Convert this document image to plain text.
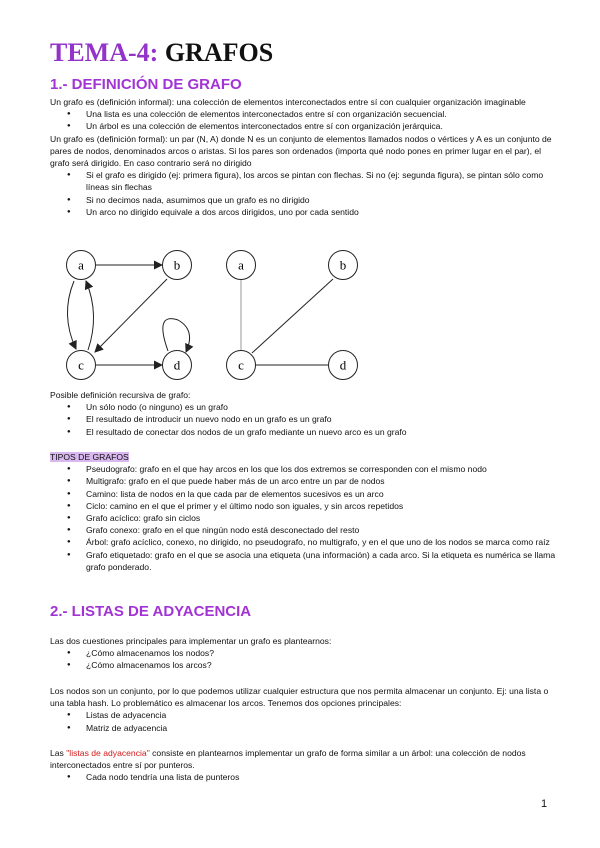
TEMA-4: GRAFOS
1.- DEFINICIÓN DE GRAFO

Un grafo es (definición informal): una colección de elementos interconectados entre sí con cualquier organización imaginable

● Una lista es una colección de elementos interconectados entre sí con organización secuencial.
● Un árbol es una colección de elementos interconectados entre sí con organización jerárquica.

Un grafo es (definición formal): un par (N, A) donde N es un conjunto de elementos llamados nodos o vértices y A es un conjunto de pares de nodos, denominados arcos o aristas. Si los pares son ordenados (importa qué nodo pones en primer lugar en el par), el grafo será dirigido. En caso contrario será no dirigido

● Si el grafo es dirigido (ej: primera figura), los arcos se pintan con flechas. Si no (ej: segunda figura), se pintan sólo como líneas sin flechas
● Si no decimos nada, asumimos que un grafo es no dirigido
● Un arco no dirigido equivale a dos arcos dirigidos, uno por cada sentido
a	b
c	d
a	b
c	d

Posible definición recursiva de grafo:

● Un sólo nodo (o ninguno) es un grafo
● El resultado de introducir un nuevo nodo en un grafo es un grafo
● El resultado de conectar dos nodos de un grafo mediante un nuevo arco es un grafo

TIPOS DE GRAFOS

● Pseudografo: grafo en el que hay arcos en los que los dos extremos se corresponden con el mismo nodo
● Multigrafo: grafo en el que puede haber más de un arco entre un par de nodos
● Camino: lista de nodos en la que cada par de elementos sucesivos es un arco
● Ciclo: camino en el que el primer y el último nodo son iguales, y sin arcos repetidos
● Grafo acíclico: grafo sin ciclos
● Grafo conexo: grafo en el que ningún nodo está desconectado del resto
● Árbol: grafo acíclico, conexo, no dirigido, no pseudografo, no multigrafo, y en el que uno de los nodos se marca como raíz
● Grafo etiquetado: grafo en el que se asocia una etiqueta (una información) a cada arco. Si la etiqueta es numérica se llama grafo ponderado.
2.- LISTAS DE ADYACENCIA

Las dos cuestiones principales para implementar un grafo es plantearnos:

● ¿Cómo almacenamos los nodos?
● ¿Cómo almacenamos los arcos?

Los nodos son un conjunto, por lo que podemos utilizar cualquier estructura que nos permita almacenar un conjunto. Ej: una lista o una tabla hash. Lo problemático es almacenar los arcos. Tenemos dos opciones principales:

● Listas de adyacencia
● Matriz de adyacencia

Las "listas de adyacencia" consiste en plantearnos implementar un grafo de forma similar a un árbol: una colección de nodos interconectados entre sí por punteros.

● Cada nodo tendría una lista de punteros
1
